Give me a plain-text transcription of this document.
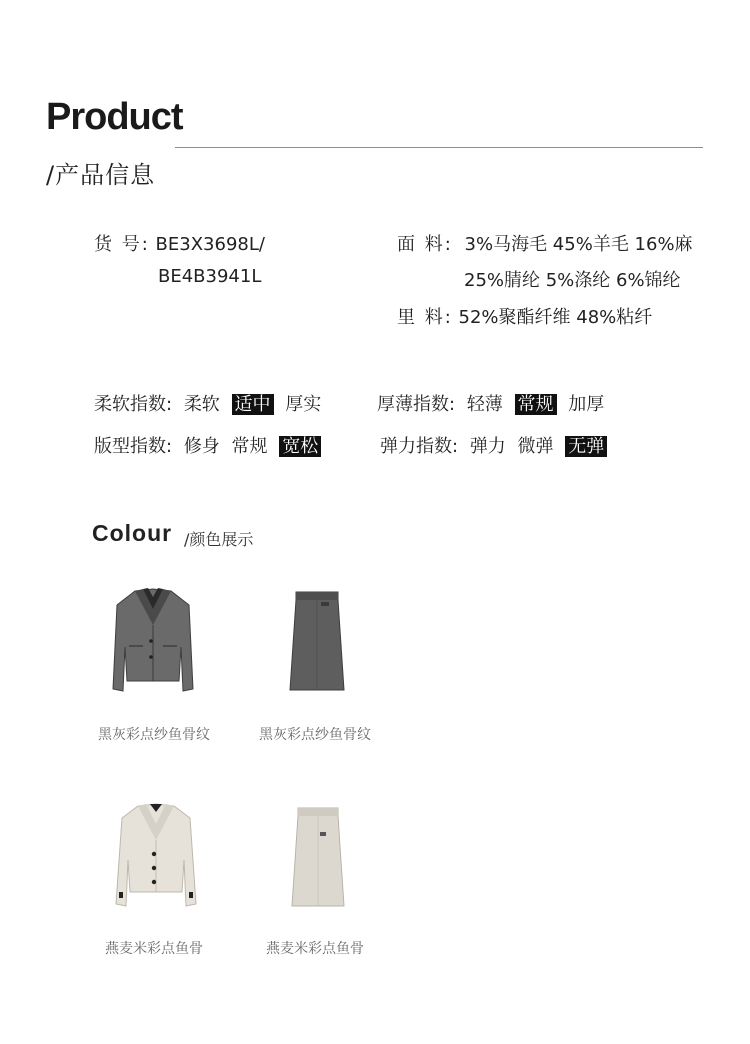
Product
/产品信息
货 号: BE3X3698L/
BE4B3941L
面 料: 3%马海毛 45%羊毛 16%麻
25%腈纶 5%涤纶 6%锦纶
里 料: 52%聚酯纤维 48%粘纤
柔软指数: 柔软 适中 厚实	厚薄指数: 轻薄 常规 加厚
版型指数: 修身 常规 宽松	弹力指数: 弹力 微弹 无弹
Colour /颜色展示
黑灰彩点纱鱼骨纹	黑灰彩点纱鱼骨纹
燕麦米彩点鱼骨	燕麦米彩点鱼骨
